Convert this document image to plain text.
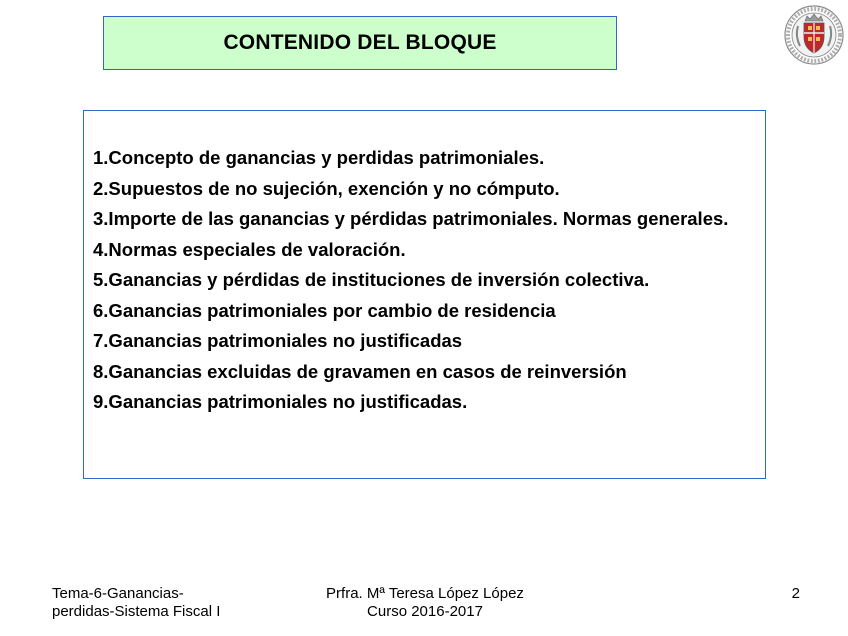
CONTENIDO DEL BLOQUE
1.Concepto de ganancias y perdidas patrimoniales.
2.Supuestos de no sujeción, exención y no cómputo.
3.Importe de las ganancias y pérdidas patrimoniales. Normas generales.
4.Normas especiales de valoración.
5.Ganancias y pérdidas de instituciones de inversión colectiva.
6.Ganancias patrimoniales por cambio de residencia
7.Ganancias patrimoniales no justificadas
8.Ganancias excluidas de gravamen en casos de reinversión
9.Ganancias patrimoniales no justificadas.
Tema-6-Ganancias-perdidas-Sistema Fiscal I
Prfra. Mª Teresa López López
Curso 2016-2017
2
